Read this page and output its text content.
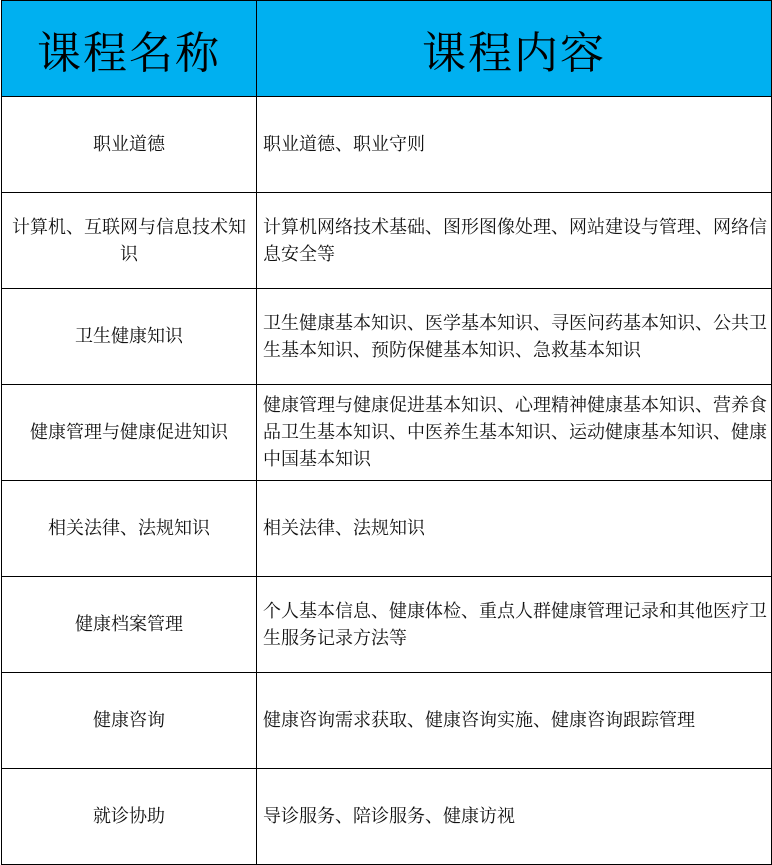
课程名称	课程内容
职业道德	职业道德、职业守则
计算机、互联网与信息技术知识	计算机网络技术基础、图形图像处理、网站建设与管理、网络信息安全等
卫生健康知识	卫生健康基本知识、医学基本知识、寻医问药基本知识、公共卫生基本知识、预防保健基本知识、急救基本知识
健康管理与健康促进知识	健康管理与健康促进基本知识、心理精神健康基本知识、营养食品卫生基本知识、中医养生基本知识、运动健康基本知识、健康中国基本知识
相关法律、法规知识	相关法律、法规知识
健康档案管理	个人基本信息、健康体检、重点人群健康管理记录和其他医疗卫生服务记录方法等
健康咨询	健康咨询需求获取、健康咨询实施、健康咨询跟踪管理
就诊协助	导诊服务、陪诊服务、健康访视
